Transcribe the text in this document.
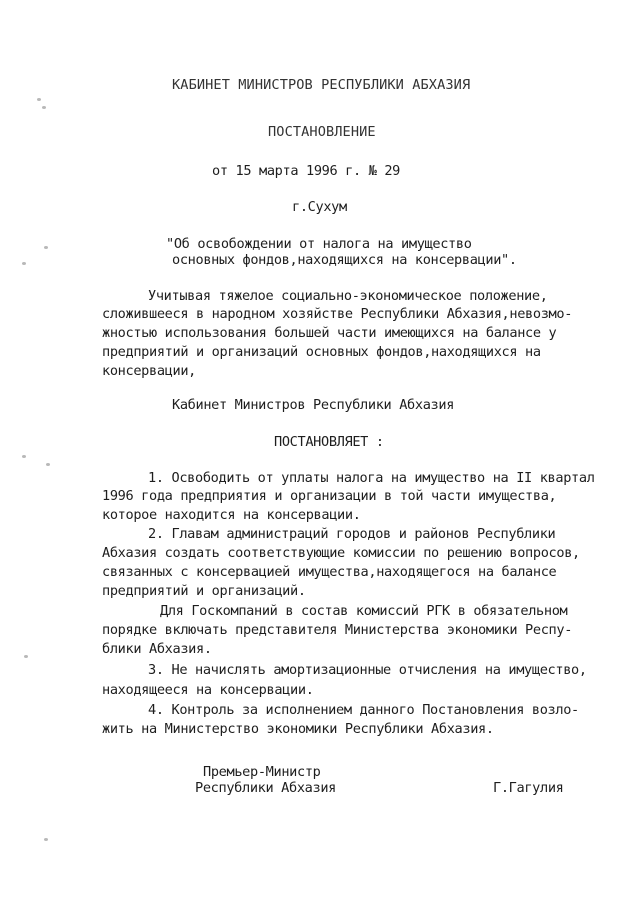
КАБИНЕТ МИНИСТРОВ РЕСПУБЛИКИ АБХАЗИЯ
ПОСТАНОВЛЕНИЕ
от 15 марта 1996 г. № 29
г.Сухум
"Об освобождении от налога на имущество
основных фондов,находящихся на консервации".
Учитывая тяжелое социально-экономическое положение,
сложившееся в народном хозяйстве Республики Абхазия,невозмо-
жностью использования большей части имеющихся на балансе у
предприятий и организаций основных фондов,находящихся на
консервации,
Кабинет Министров Республики Абхазия
ПОСТАНОВЛЯЕТ :
1. Освободить от уплаты налога на имущество на II квартал
1996 года предприятия и организации в той части имущества,
которое находится на консервации.
2. Главам администраций городов и районов Республики
Абхазия создать соответствующие комиссии по решению вопросов,
связанных с консервацией имущества,находящегося на балансе
предприятий и организаций.
Для Госкомпаний в состав комиссий РГК в обязательном
порядке включать представителя Министерства экономики Респу-
блики Абхазия.
3. Не начислять амортизационные отчисления на имущество,
находящееся на консервации.
4. Контроль за исполнением данного Постановления возло-
жить на Министерство экономики Республики Абхазия.
Премьер-Министр
Республики Абхазия	Г.Гагулия
